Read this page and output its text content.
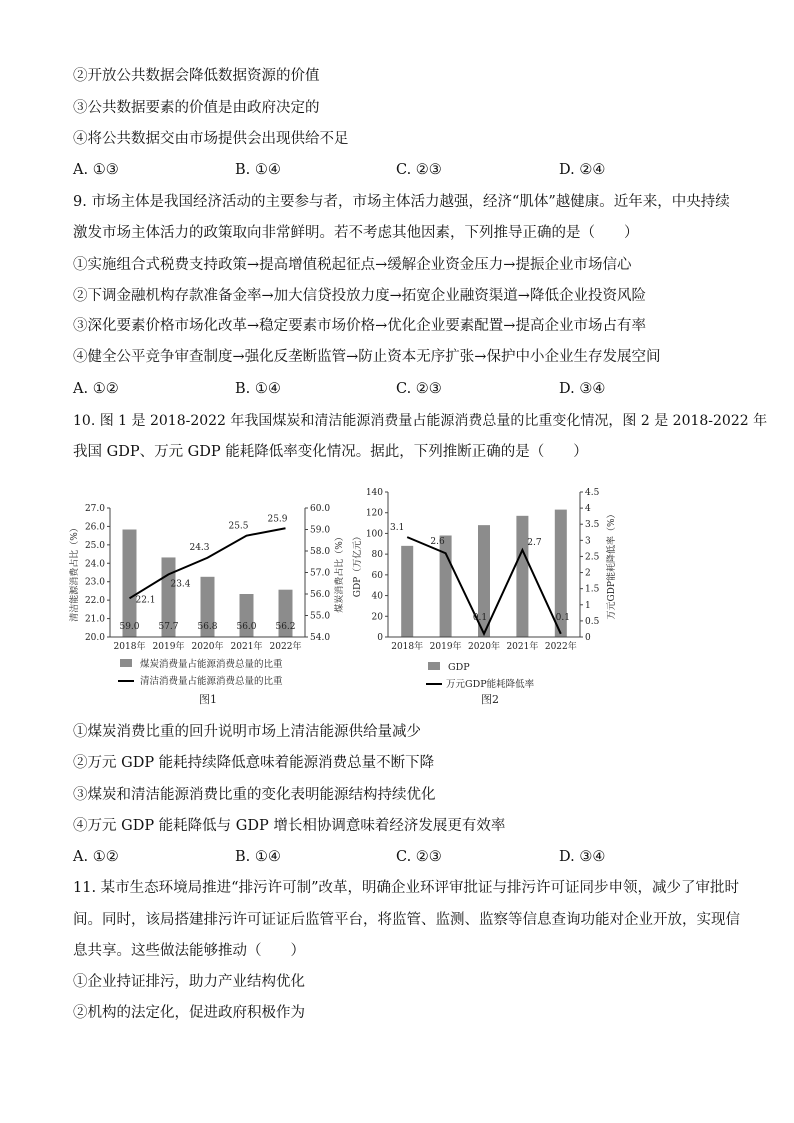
②开放公共数据会降低数据资源的价值
③公共数据要素的价值是由政府决定的
④将公共数据交由市场提供会出现供给不足
A. ①③	B. ①④	C. ②③	D. ②④
9. 市场主体是我国经济活动的主要参与者，市场主体活力越强，经济“肌体”越健康。近年来，中央持续
激发市场主体活力的政策取向非常鲜明。若不考虑其他因素，下列推导正确的是（　　）
①实施组合式税费支持政策→提高增值税起征点→缓解企业资金压力→提振企业市场信心
②下调金融机构存款准备金率→加大信贷投放力度→拓宽企业融资渠道→降低企业投资风险
③深化要素价格市场化改革→稳定要素市场价格→优化企业要素配置→提高企业市场占有率
④健全公平竞争审查制度→强化反垄断监管→防止资本无序扩张→保护中小企业生存发展空间
A. ①②	B. ①④	C. ②③	D. ③④
10. 图 1 是 2018-2022 年我国煤炭和清洁能源消费量占能源消费总量的比重变化情况，图 2 是 2018-2022 年
我国 GDP、万元 GDP 能耗降低率变化情况。据此，下列推断正确的是（　　）
20.0
21.0
22.0
23.0
24.0
25.0
26.0
27.0
54.0
55.0
56.0
57.0
58.0
59.0
60.0
2018年 2019年 2020年 2021年 2022年
清洁能源消费占比（%）	煤炭消费占比（%）
59.0 57.7 56.8 56.0 56.2
22.1
23.4
24.3
25.5
25.9
煤炭消费量占能源消费总量的比重
清洁消费量占能源消费总量的比重
图1
0
20
40
60
80
100
120
140
0
0.5
1
1.5
2
2.5
3
3.5
4
4.5
2018年 2019年 2020年 2021年 2022年
GDP（万亿元）	万元GDP能耗降低率（%）
3.1
2.6
0.1
2.7
0.1
GDP
万元GDP能耗降低率
图2
①煤炭消费比重的回升说明市场上清洁能源供给量减少
②万元 GDP 能耗持续降低意味着能源消费总量不断下降
③煤炭和清洁能源消费比重的变化表明能源结构持续优化
④万元 GDP 能耗降低与 GDP 增长相协调意味着经济发展更有效率
A. ①②	B. ①④	C. ②③	D. ③④
11. 某市生态环境局推进“排污许可制”改革，明确企业环评审批证与排污许可证同步申领，减少了审批时
间。同时，该局搭建排污许可证证后监管平台，将监管、监测、监察等信息查询功能对企业开放，实现信
息共享。这些做法能够推动（　　）
①企业持证排污，助力产业结构优化
②机构的法定化，促进政府积极作为
